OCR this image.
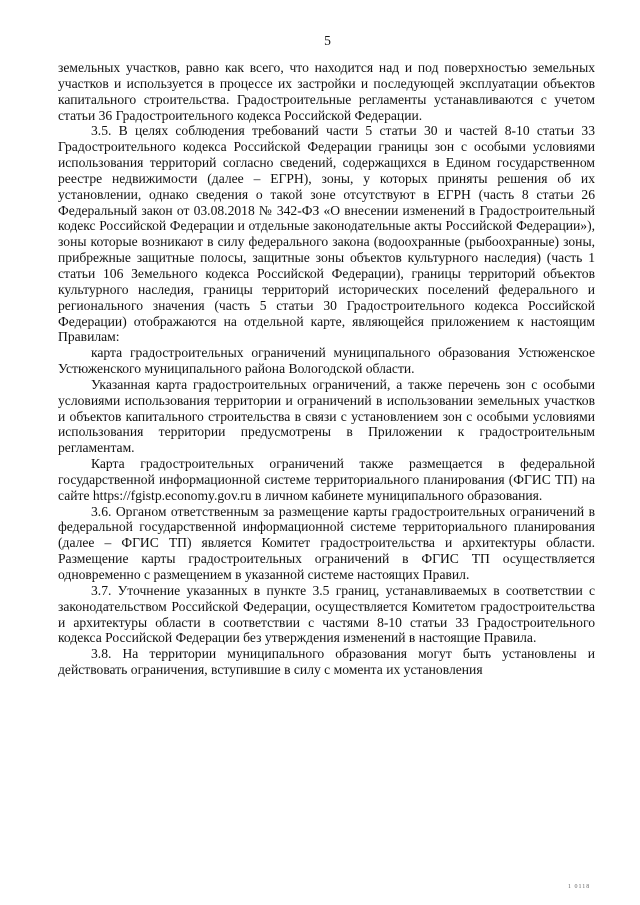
5

земельных участков, равно как всего, что находится над и под поверхностью земельных участков и используется в процессе их застройки и последующей эксплуатации объектов капитального строительства. Градостроительные регламенты устанавливаются с учетом статьи 36 Градостроительного кодекса Российской Федерации.

3.5. В целях соблюдения требований части 5 статьи 30 и частей 8-10 статьи 33 Градостроительного кодекса Российской Федерации границы зон с особыми условиями использования территорий согласно сведений, содержащихся в Едином государственном реестре недвижимости (далее – ЕГРН), зоны, у которых приняты решения об их установлении, однако сведения о такой зоне отсутствуют в ЕГРН (часть 8 статьи 26 Федеральный закон от 03.08.2018 № 342-ФЗ «О внесении изменений в Градостроительный кодекс Российской Федерации и отдельные законодательные акты Российской Федерации»), зоны которые возникают в силу федерального закона (водоохранные (рыбоохранные) зоны, прибрежные защитные полосы, защитные зоны объектов культурного наследия) (часть 1 статьи 106 Земельного кодекса Российской Федерации), границы территорий объектов культурного наследия, границы территорий исторических поселений федерального и регионального значения (часть 5 статьи 30 Градостроительного кодекса Российской Федерации) отображаются на отдельной карте, являющейся приложением к настоящим Правилам:

карта градостроительных ограничений муниципального образования Устюженское Устюженского муниципального района Вологодской области.

Указанная карта градостроительных ограничений, а также перечень зон с особыми условиями использования территории и ограничений в использовании земельных участков и объектов капитального строительства в связи с установлением зон с особыми условиями использования территории предусмотрены в Приложении к градостроительным регламентам.

Карта градостроительных ограничений также размещается в федеральной государственной информационной системе территориального планирования (ФГИС ТП) на сайте https://fgistp.economy.gov.ru в личном кабинете муниципального образования.

3.6. Органом ответственным за размещение карты градостроительных ограничений в федеральной государственной информационной системе территориального планирования (далее – ФГИС ТП) является Комитет градостроительства и архитектуры области. Размещение карты градостроительных ограничений в ФГИС ТП осуществляется одновременно с размещением в указанной системе настоящих Правил.

3.7. Уточнение указанных в пункте 3.5 границ, устанавливаемых в соответствии с законодательством Российской Федерации, осуществляется Комитетом градостроительства и архитектуры области в соответствии с частями 8-10 статьи 33 Градостроительного кодекса Российской Федерации без утверждения изменений в настоящие Правила.

3.8. На территории муниципального образования могут быть установлены и действовать ограничения, вступившие в силу с момента их установления

1 0118
